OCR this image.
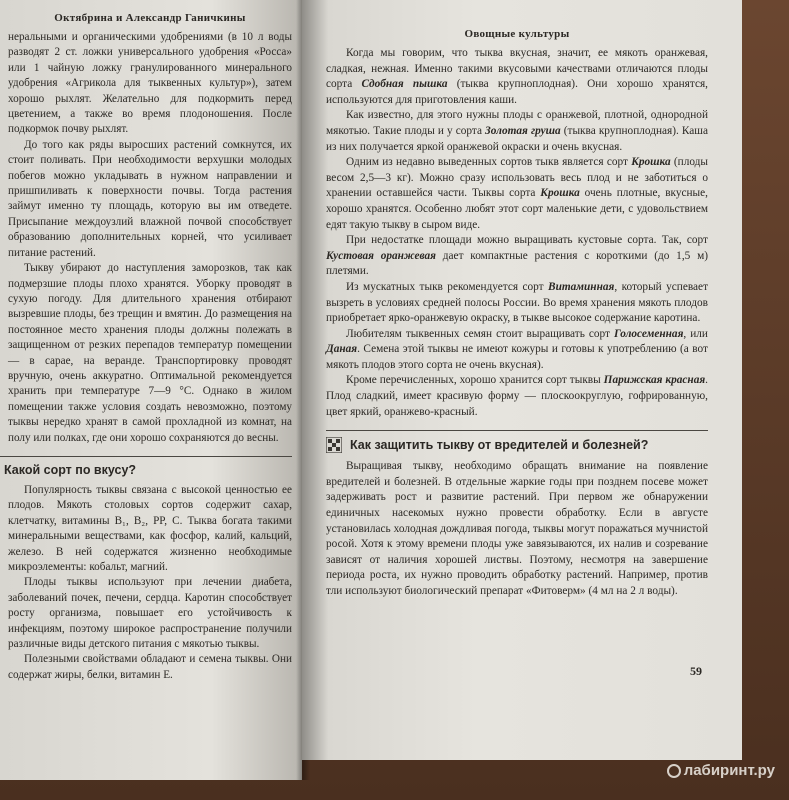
Октябрина и Александр Ганичкины

неральными и органическими удобрениями (в 10 л воды разводят 2 ст. ложки универсального удобрения «Росса» или 1 чайную ложку гранулированного минерального удобрения «Агрикола для тыквенных культур»), затем хорошо рыхлят. Желательно для подкормить перед цветением, а также во время плодоношения. После подкормок почву рыхлят.

До того как ряды выросших растений сомкнутся, их стоит поливать. При необходимости верхушки молодых побегов можно укладывать в нужном направлении и пришпиливать к поверхности почвы. Тогда растения займут именно ту площадь, которую вы им отведете. Присыпание междоузлий влажной почвой способствует образованию дополнительных корней, что усиливает питание растений.

Тыкву убирают до наступления заморозков, так как подмерзшие плоды плохо хранятся. Уборку проводят в сухую погоду. Для длительного хранения отбирают вызревшие плоды, без трещин и вмятин. До размещения на постоянное место хранения плоды должны полежать в защищенном от резких перепадов температур помещении — в сарае, на веранде. Транспортировку проводят вручную, очень аккуратно. Оптимальной рекомендуется хранить при температуре 7—9 °С. Однако в жилом помещении также условия создать невозможно, поэтому тыквы нередко хранят в самой прохладной из комнат, на полу или полках, где они хорошо сохраняются до весны.

Какой сорт по вкусу?

Популярность тыквы связана с высокой ценностью ее плодов. Мякоть столовых сортов содержит сахар, клетчатку, витамины B₁, B₂, PP, C. Тыква богата такими минеральными веществами, как фосфор, калий, кальций, железо. В ней содержатся жизненно необходимые микроэлементы: кобальт, магний.

Плоды тыквы используют при лечении диабета, заболеваний почек, печени, сердца. Каротин способствует росту организма, повышает его устойчивость к инфекциям, поэтому широкое распространение получили различные виды детского питания с мякотью тыквы.

Полезными свойствами обладают и семена тыквы. Они содержат жиры, белки, витамин Е.

Овощные культуры

Когда мы говорим, что тыква вкусная, значит, ее мякоть оранжевая, сладкая, нежная. Именно такими вкусовыми качествами отличаются плоды сорта Сдобная пышка (тыква крупноплодная). Они хорошо хранятся, используются для приготовления каши.

Как известно, для этого нужны плоды с оранжевой, плотной, однородной мякотью. Такие плоды и у сорта Золотая груша (тыква крупноплодная). Каша из них получается яркой оранжевой окраски и очень вкусная.

Одним из недавно выведенных сортов тыкв является сорт Крошка (плоды весом 2,5—3 кг). Можно сразу использовать весь плод и не заботиться о хранении оставшейся части. Тыквы сорта Крошка очень плотные, вкусные, хорошо хранятся. Особенно любят этот сорт маленькие дети, с удовольствием едят такую тыкву в сыром виде.

При недостатке площади можно выращивать кустовые сорта. Так, сорт Кустовая оранжевая дает компактные растения с короткими (до 1,5 м) плетями.

Из мускатных тыкв рекомендуется сорт Витаминная, который успевает вызреть в условиях средней полосы России. Во время хранения мякоть плодов приобретает ярко-оранжевую окраску, в тыкве высокое содержание каротина.

Любителям тыквенных семян стоит выращивать сорт Голосеменная, или Даная. Семена этой тыквы не имеют кожуры и готовы к употреблению (а вот мякоть плодов этого сорта не очень вкусная).

Кроме перечисленных, хорошо хранится сорт тыквы Парижская красная. Плод сладкий, имеет красивую форму — плоскоокруглую, гофрированную, цвет яркий, оранжево-красный.

Как защитить тыкву от вредителей и болезней?

Выращивая тыкву, необходимо обращать внимание на появление вредителей и болезней. В отдельные жаркие годы при позднем посеве может задерживать рост и развитие растений. При первом же обнаружении единичных насекомых нужно провести обработку. Если в августе установилась холодная дождливая погода, тыквы могут поражаться мучнистой росой. Хотя к этому времени плоды уже завязываются, их налив и созревание зависят от наличия хорошей листвы. Поэтому, несмотря на завершение периода роста, их нужно проводить обработку растений. Например, против тли используют биологический препарат «Фитоверм» (4 мл на 2 л воды).

59
лабиринт.ру
